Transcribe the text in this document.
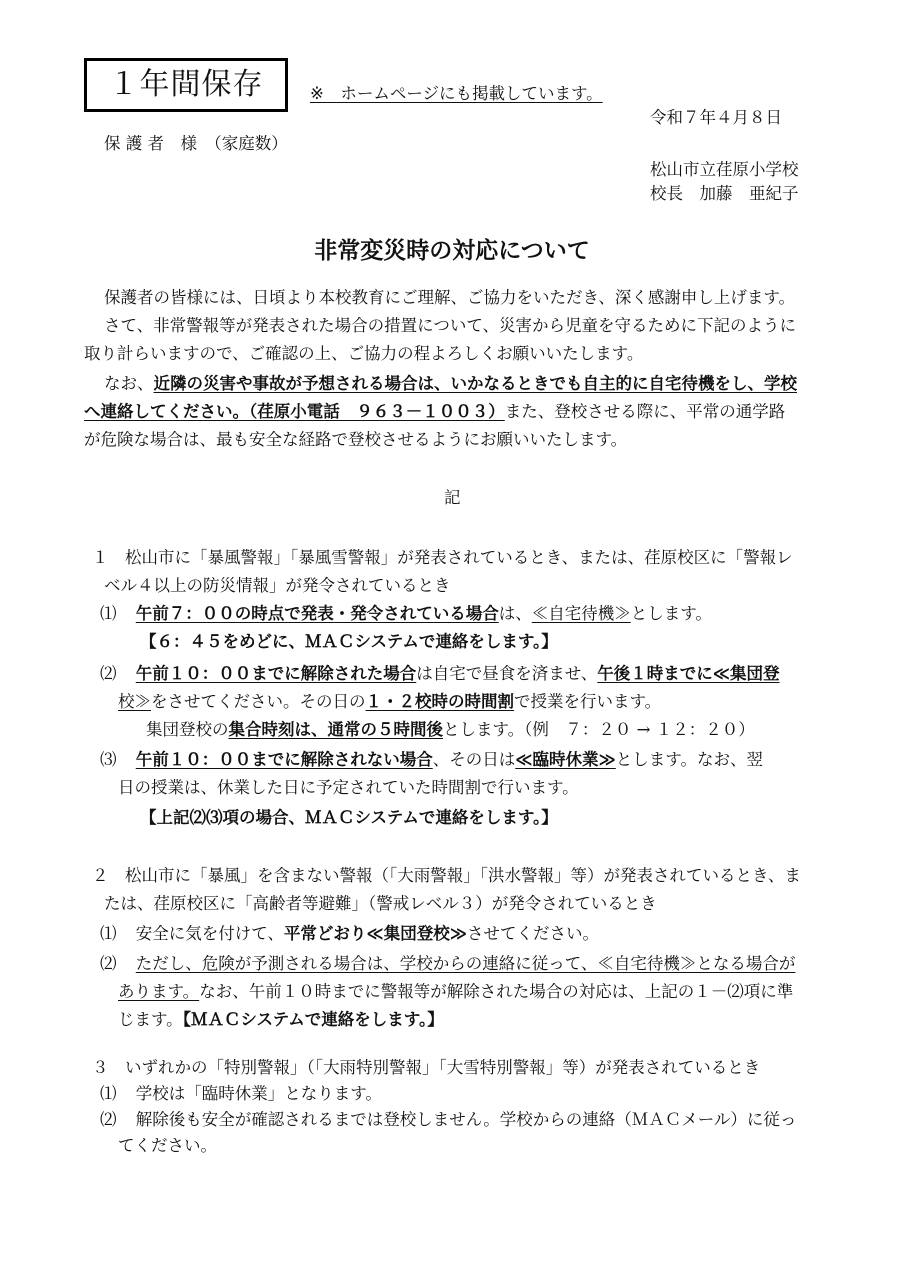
１年間保存	※　ホームページにも掲載しています。
令和７年４月８日
保 護 者　様　（家庭数）
松山市立荏原小学校
校長　加藤　亜紀子
非常変災時の対応について
保護者の皆様には、日頃より本校教育にご理解、ご協力をいただき、深く感謝申し上げます。
さて、非常警報等が発表された場合の措置について、災害から児童を守るために下記のように
取り計らいますので、ご確認の上、ご協力の程よろしくお願いいたします。
なお、近隣の災害や事故が予想される場合は、いかなるときでも自主的に自宅待機をし、学校
へ連絡してください。（荏原小電話　９６３－１００３）また、登校させる際に、平常の通学路
が危険な場合は、最も安全な経路で登校させるようにお願いいたします。
記
１　松山市に「暴風警報」「暴風雪警報」が発表されているとき、または、荏原校区に「警報レ
ベル４以上の防災情報」が発令されているとき
⑴ 午前７：００の時点で発表・発令されている場合は、≪自宅待機≫とします。
【６：４５をめどに、ＭＡＣシステムで連絡をします。】
⑵ 午前１０：００までに解除された場合は自宅で昼食を済ませ、午後１時までに≪集団登
校≫をさせてください。その日の１・２校時の時間割で授業を行います。
集団登校の集合時刻は、通常の５時間後とします。（例　７：２０ → １２：２０）
⑶ 午前１０：００までに解除されない場合、その日は≪臨時休業≫とします。なお、翌
日の授業は、休業した日に予定されていた時間割で行います。
【上記⑵⑶項の場合、ＭＡＣシステムで連絡をします。】
２　松山市に「暴風」を含まない警報（「大雨警報」「洪水警報」等）が発表されているとき、ま
たは、荏原校区に「高齢者等避難」（警戒レベル３）が発令されているとき
⑴ 安全に気を付けて、平常どおり≪集団登校≫させてください。
⑵ ただし、危険が予測される場合は、学校からの連絡に従って、≪自宅待機≫となる場合が
あります。なお、午前１０時までに警報等が解除された場合の対応は、上記の１－⑵項に準
じます。【ＭＡＣシステムで連絡をします。】
３　いずれかの「特別警報」（「大雨特別警報」「大雪特別警報」等）が発表されているとき
⑴ 学校は「臨時休業」となります。
⑵ 解除後も安全が確認されるまでは登校しません。学校からの連絡（ＭＡＣメール）に従っ
てください。
